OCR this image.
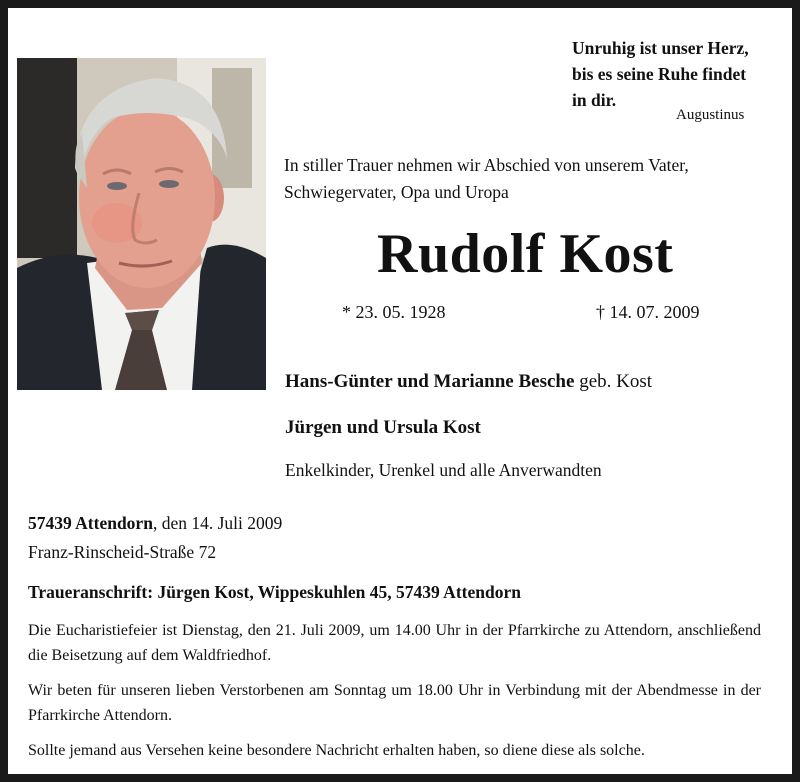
Unruhig ist unser Herz,
bis es seine Ruhe findet
in dir.
Augustinus
In stiller Trauer nehmen wir Abschied von unserem Vater,
Schwiegervater, Opa und Uropa
Rudolf Kost
* 23. 05. 1928	† 14. 07. 2009
Hans-Günter und Marianne Besche geb. Kost
Jürgen und Ursula Kost
Enkelkinder, Urenkel und alle Anverwandten
57439 Attendorn, den 14. Juli 2009
Franz-Rinscheid-Straße 72
Traueranschrift: Jürgen Kost, Wippeskuhlen 45, 57439 Attendorn
Die Eucharistiefeier ist Dienstag, den 21. Juli 2009, um 14.00 Uhr in der Pfarrkirche zu Attendorn, anschließend die Beisetzung auf dem Waldfriedhof.
Wir beten für unseren lieben Verstorbenen am Sonntag um 18.00 Uhr in Verbindung mit der Abendmesse in der Pfarrkirche Attendorn.
Sollte jemand aus Versehen keine besondere Nachricht erhalten haben, so diene diese als solche.
